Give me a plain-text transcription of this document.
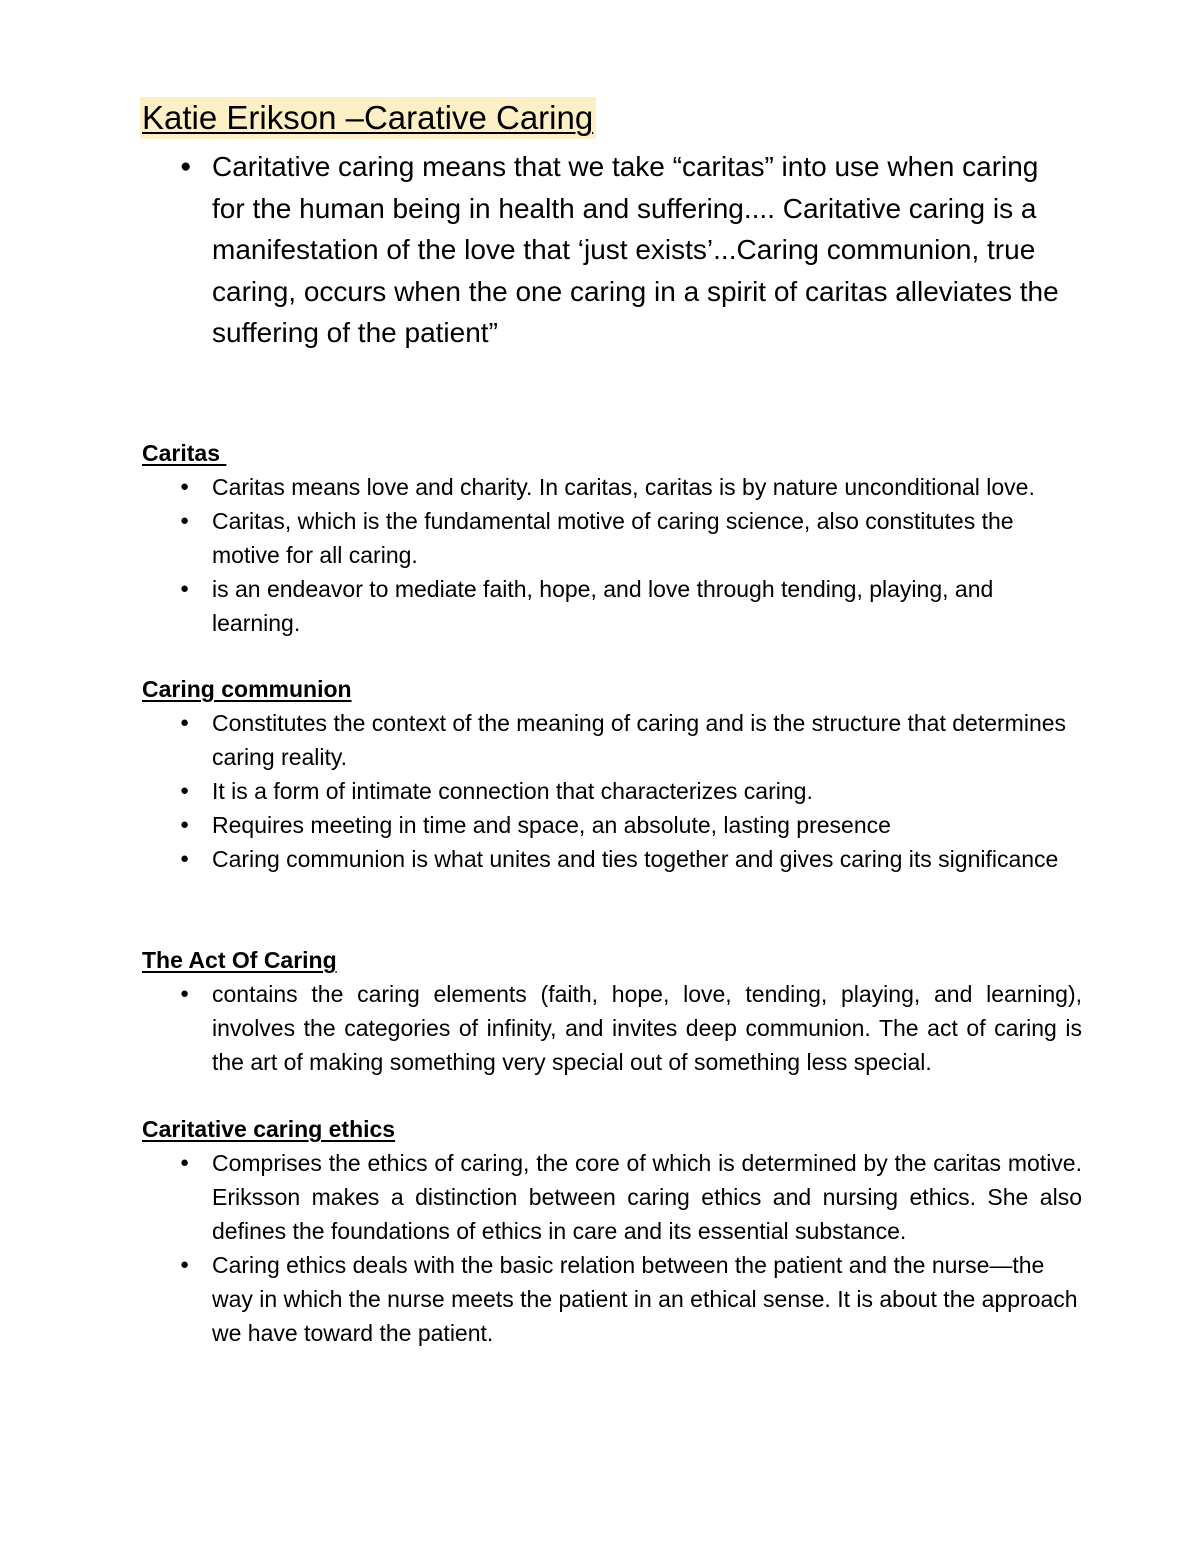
Katie Erikson –Carative Caring
● Caritative caring means that we take “caritas” into use when caring for the human being in health and suffering.... Caritative caring is a manifestation of the love that ‘just exists’...Caring communion, true caring, occurs when the one caring in a spirit of caritas alleviates the suffering of the patient”
Caritas
● Caritas means love and charity. In caritas, caritas is by nature unconditional love.
● Caritas, which is the fundamental motive of caring science, also constitutes the motive for all caring.
● is an endeavor to mediate faith, hope, and love through tending, playing, and learning.
Caring communion
● Constitutes the context of the meaning of caring and is the structure that determines caring reality.
● It is a form of intimate connection that characterizes caring.
● Requires meeting in time and space, an absolute, lasting presence
● Caring communion is what unites and ties together and gives caring its significance
The Act Of Caring
● contains the caring elements (faith, hope, love, tending, playing, and learning), involves the categories of infinity, and invites deep communion. The act of caring is the art of making something very special out of something less special.
Caritative caring ethics
● Comprises the ethics of caring, the core of which is determined by the caritas motive. Eriksson makes a distinction between caring ethics and nursing ethics. She also defines the foundations of ethics in care and its essential substance.
● Caring ethics deals with the basic relation between the patient and the nurse—the way in which the nurse meets the patient in an ethical sense. It is about the approach we have toward the patient.
